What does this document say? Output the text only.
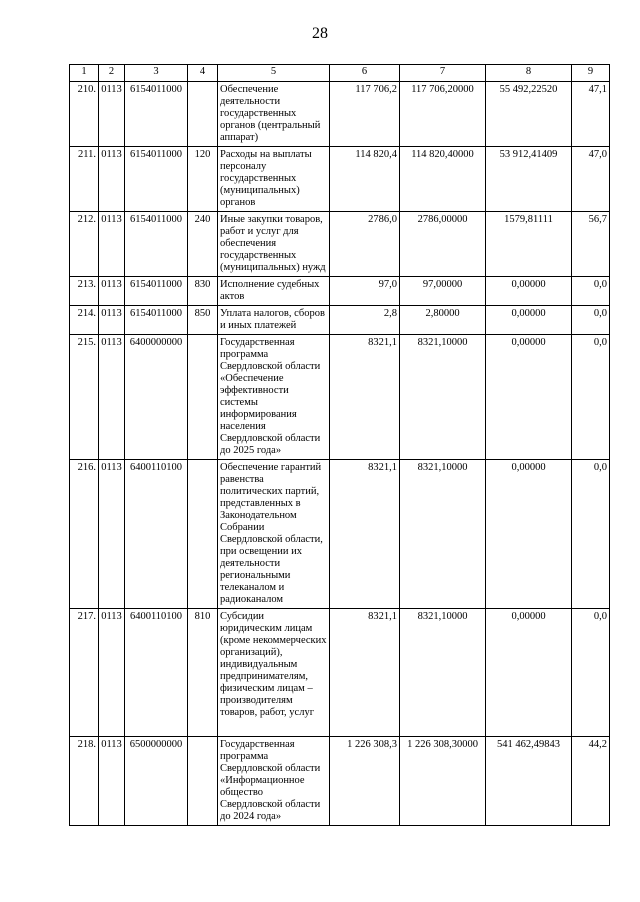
28
1	2	3	4	5	6	7	8	9
210.	0113	6154011000		Обеспечение деятельности государственных органов (центральный аппарат)	117 706,2	117 706,20000	55 492,22520	47,1
211.	0113	6154011000	120	Расходы на выплаты персоналу государственных (муниципальных) органов	114 820,4	114 820,40000	53 912,41409	47,0
212.	0113	6154011000	240	Иные закупки товаров, работ и услуг для обеспечения государственных (муниципальных) нужд	2786,0	2786,00000	1579,81111	56,7
213.	0113	6154011000	830	Исполнение судебных актов	97,0	97,00000	0,00000	0,0
214.	0113	6154011000	850	Уплата налогов, сборов и иных платежей	2,8	2,80000	0,00000	0,0
215.	0113	6400000000		Государственная программа Свердловской области «Обеспечение эффективности системы информирования населения Свердловской области до 2025 года»	8321,1	8321,10000	0,00000	0,0
216.	0113	6400110100		Обеспечение гарантий равенства политических партий, представленных в Законодательном Собрании Свердловской области, при освещении их деятельности региональными телеканалом и радиоканалом	8321,1	8321,10000	0,00000	0,0
217.	0113	6400110100	810	Субсидии юридическим лицам (кроме некоммерческих организаций), индивидуальным предпринимателям, физическим лицам – производителям товаров, работ, услуг	8321,1	8321,10000	0,00000	0,0
218.	0113	6500000000		Государственная программа Свердловской области «Информационное общество Свердловской области до 2024 года»	1 226 308,3	1 226 308,30000	541 462,49843	44,2
